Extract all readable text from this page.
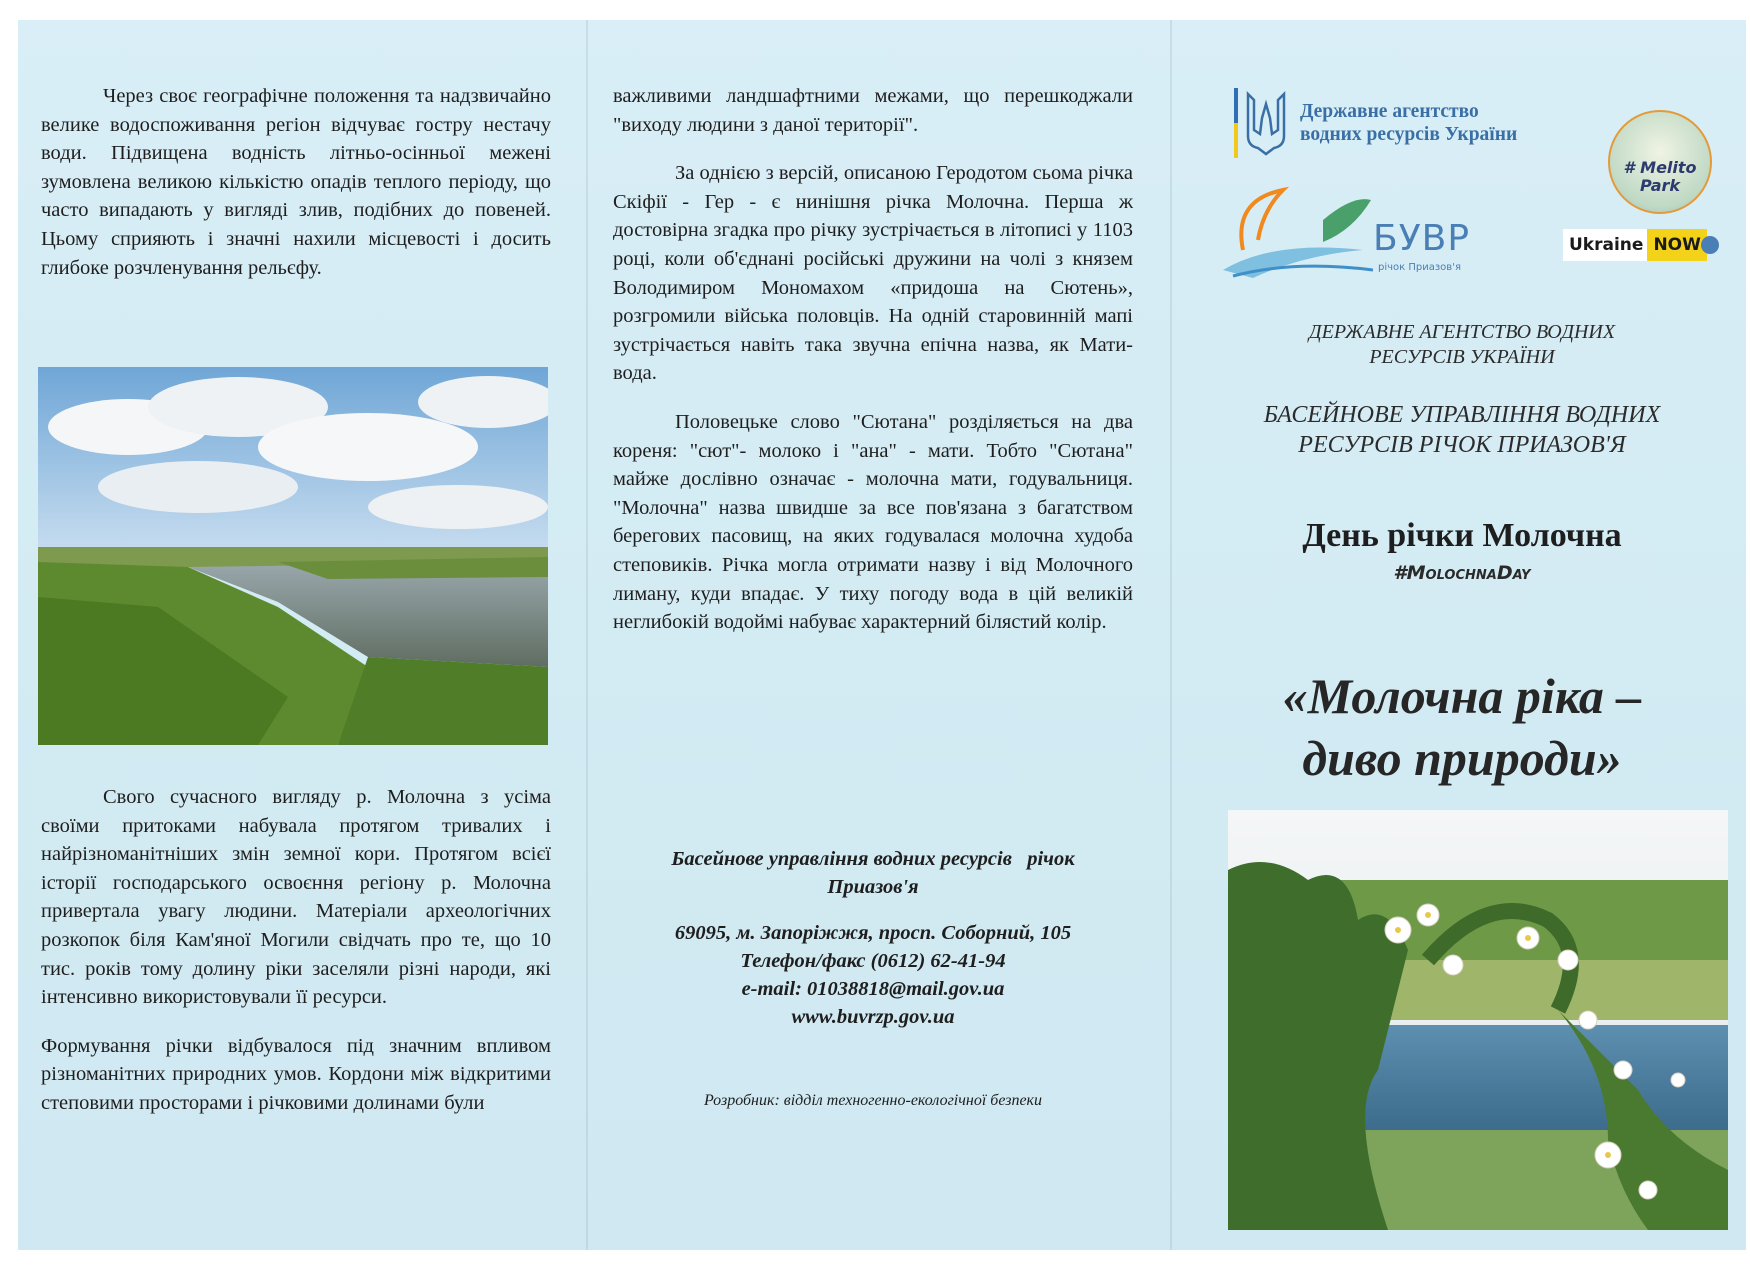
Через своє географічне положення та надзвичайно велике водоспоживання регіон відчуває гостру нестачу води. Підвищена водність літньо-осінньої межені зумовлена великою кількістю опадів теплого періоду, що часто випадають у вигляді злив, подібних до повеней. Цьому сприяють і значні нахили місцевості і досить глибоке розчленування рельєфу.

Свого сучасного вигляду р. Молочна з усіма своїми притоками набувала протягом тривалих і найрізноманітніших змін земної кори. Протягом всієї історії господарського освоєння регіону р. Молочна привертала увагу людини. Матеріали археологічних розкопок біля Кам'яної Могили свідчать про те, що 10 тис. років тому долину ріки заселяли різні народи, які інтенсивно використовували її ресурси.

Формування річки відбувалося під значним впливом різноманітних природних умов. Кордони між відкритими степовими просторами і річковими долинами були

важливими ландшафтними межами, що перешкоджали "виходу людини з даної території".

За однією з версій, описаною Геродотом сьома річка Скіфії - Гер - є нинішня річка Молочна. Перша ж достовірна згадка про річку зустрічається в літописі у 1103 році, коли об'єднані російські дружини на чолі з князем Володимиром Мономахом «придоша на Сютень», розгромили війська половців. На одній старовинній мапі зустрічається навіть така звучна епічна назва, як Мати-вода.

Половецьке слово "Сютана" розділяється на два кореня: "сют"- молоко і "ана" - мати. Тобто "Сютана" майже дослівно означає - молочна мати, годувальниця. "Молочна" назва швидше за все пов'язана з багатством берегових пасовищ, на яких годувалася молочна худоба степовиків. Річка могла отримати назву і від Молочного лиману, куди впадає. У тиху погоду вода в цій великій неглибокій водоймі набуває характерний білястий колір.

Басейнове управління водних ресурсів   річок
Приазов'я
69095, м. Запоріжжя, просп. Соборний, 105
Телефон/факс (0612) 62-41-94
e-mail: 01038818@mail.gov.ua
www.buvrzp.gov.ua
Розробник: відділ техногенно-екологічної безпеки
Державне агентство
водних ресурсів України
# Melito Park
БУВР
річок Приазов'я
Ukraine NOW
ДЕРЖАВНЕ АГЕНТСТВО ВОДНИХ
РЕСУРСІВ УКРАЇНИ
БАСЕЙНОВЕ УПРАВЛІННЯ ВОДНИХ
РЕСУРСІВ РІЧОК ПРИАЗОВ'Я
День річки Молочна
#MolochnaDay
«Молочна ріка –
диво природи»
